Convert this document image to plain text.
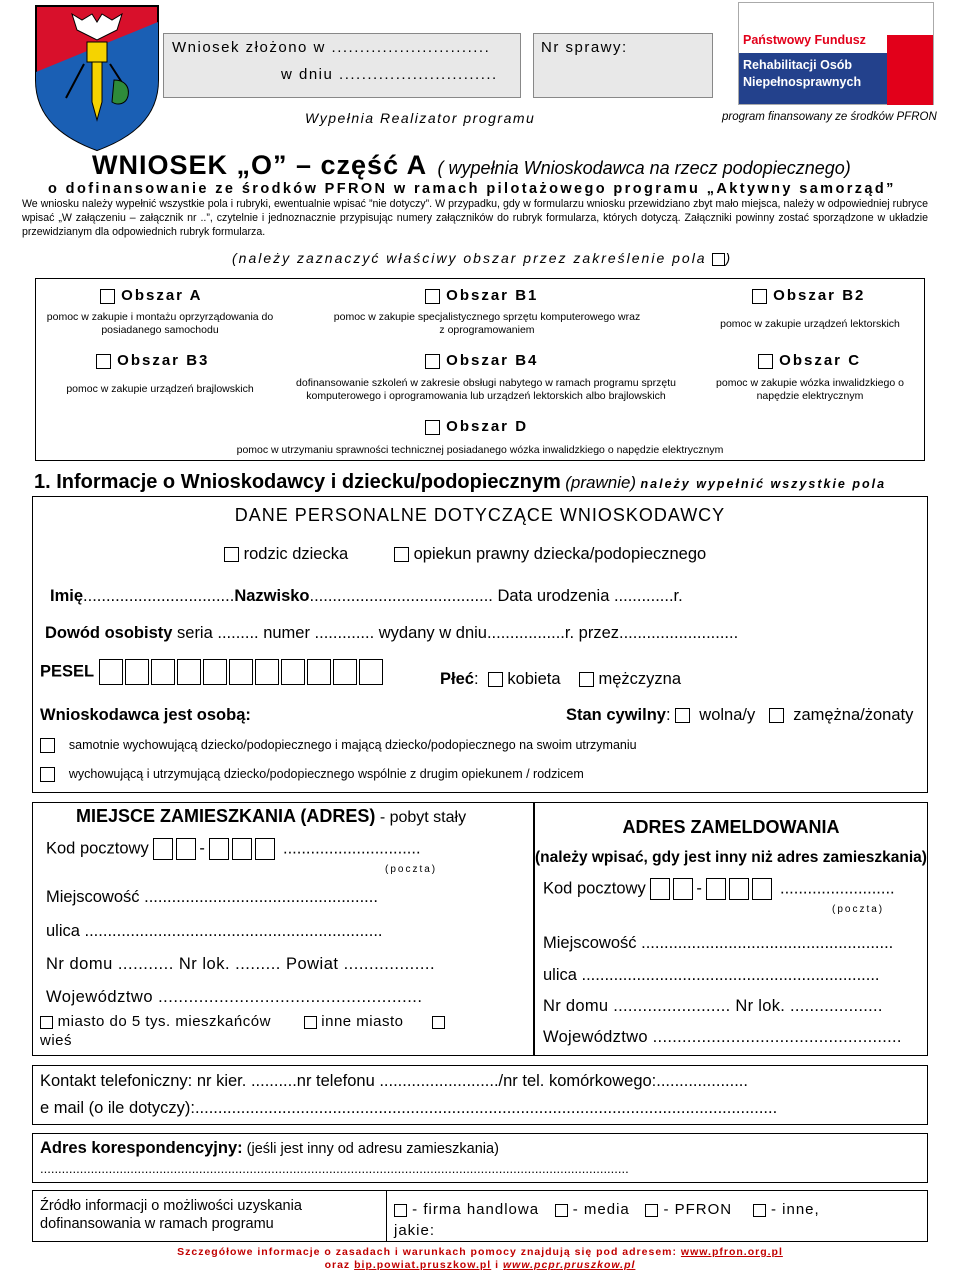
Wniosek złożono w ............................
w dniu ............................
Nr sprawy:
Wypełnia Realizator programu
Państwowy Fundusz
Rehabilitacji Osób
Niepełnosprawnych
program finansowany ze środków PFRON
WNIOSEK „O” – część A ( wypełnia Wnioskodawca na rzecz podopiecznego)
o dofinansowanie ze środków PFRON w ramach pilotażowego programu „Aktywny samorząd”
We wniosku należy wypełnić wszystkie pola i rubryki, ewentualnie wpisać ”nie dotyczy”. W przypadku, gdy w formularzu wniosku przewidziano zbyt mało miejsca, należy w odpowiedniej rubryce wpisać „W załączeniu – załącznik nr ..”, czytelnie i jednoznacznie przypisując numery załączników do rubryk formularza, których dotyczą. Załączniki powinny zostać sporządzone w układzie przewidzianym dla odpowiednich rubryk formularza.
(należy zaznaczyć właściwy obszar przez zakreślenie pola )
Obszar A	Obszar B1	Obszar B2
pomoc w zakupie i montażu oprzyrządowania do posiadanego samochodu
pomoc w zakupie specjalistycznego sprzętu komputerowego wraz z oprogramowaniem	pomoc w zakupie urządzeń lektorskich
Obszar B3	Obszar B4	Obszar C
pomoc w zakupie urządzeń brajlowskich	dofinansowanie szkoleń w zakresie obsługi nabytego w ramach programu sprzętu komputerowego i oprogramowania lub urządzeń lektorskich albo brajlowskich
pomoc w zakupie wózka inwalidzkiego o napędzie elektrycznym
Obszar D
pomoc w utrzymaniu sprawności technicznej posiadanego wózka inwalidzkiego o napędzie elektrycznym
1. Informacje o Wnioskodawcy i dziecku/podopiecznym (prawnie) należy wypełnić wszystkie pola
DANE PERSONALNE DOTYCZĄCE WNIOSKODAWCY
rodzic dziecka	opiekun prawny dziecka/podopiecznego
Imię.................................Nazwisko........................................ Data urodzenia .............r.
Dowód osobisty seria ......... numer ............. wydany w dniu.................r. przez..........................
PESEL	Płeć:   kobieta mężczyzna
Wnioskodawca jest osobą:	Stan cywilny:   wolna/y zamężna/żonaty
samotnie wychowującą dziecko/podopiecznego i mającą dziecko/podopiecznego na swoim utrzymaniu
wychowującą i utrzymującą dziecko/podopiecznego wspólnie z drugim opiekunem / rodzicem
MIEJSCE ZAMIESZKANIA (ADRES) - pobyt stały
Kod pocztowy	-	..............................
(poczta)
Miejscowość ...................................................
ulica .................................................................
Nr domu ........... Nr lok. ......... Powiat ..................
Województwo ....................................................
miasto do 5 tys. mieszkańców	inne miasto
wieś
ADRES ZAMELDOWANIA
(należy wpisać, gdy jest inny niż adres zamieszkania)
Kod pocztowy	-	.........................
(poczta)
Miejscowość .......................................................
ulica .................................................................
Nr domu ........................ Nr lok. ...................
Województwo ...................................................
Kontakt telefoniczny: nr kier. ..........nr telefonu ........................../nr tel. komórkowego:....................
e mail (o ile dotyczy):...............................................................................................................................
Adres korespondencyjny: (jeśli jest inny od adresu zamieszkania)
...................................................................................................................................................................
Źródło informacji o możliwości uzyskania dofinansowania w ramach programu
- firma handlowa - media - PFRON	- inne,
jakie:
Szczegółowe informacje o zasadach i warunkach pomocy znajdują się pod adresem: www.pfron.org.pl
oraz bip.powiat.pruszkow.pl i www.pcpr.pruszkow.pl
